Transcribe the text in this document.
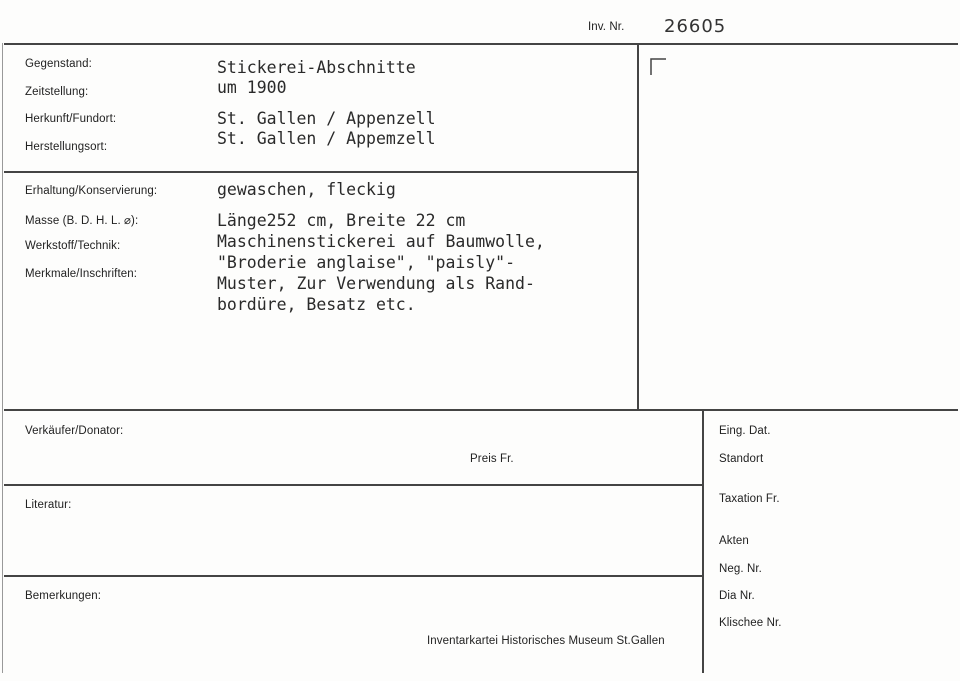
Inv. Nr. 26605
Gegenstand:
Zeitstellung:
Herkunft/Fundort:
Herstellungsort:
Stickerei-Abschnitte
um 1900
St. Gallen / Appenzell
St. Gallen / Appemzell
Erhaltung/Konservierung:
Masse (B. D. H. L. ⌀):
Werkstoff/Technik:
Merkmale/Inschriften:
gewaschen, fleckig
Länge252 cm, Breite 22 cm
Maschinenstickerei auf Baumwolle,
"Broderie anglaise", "paisly"-
Muster, Zur Verwendung als Rand-
bordüre, Besatz etc.
Verkäufer/Donator:
Preis Fr.
Literatur:
Bemerkungen:
Inventarkartei Historisches Museum St.Gallen
Eing. Dat.
Standort
Taxation Fr.
Akten
Neg. Nr.
Dia Nr.
Klischee Nr.
